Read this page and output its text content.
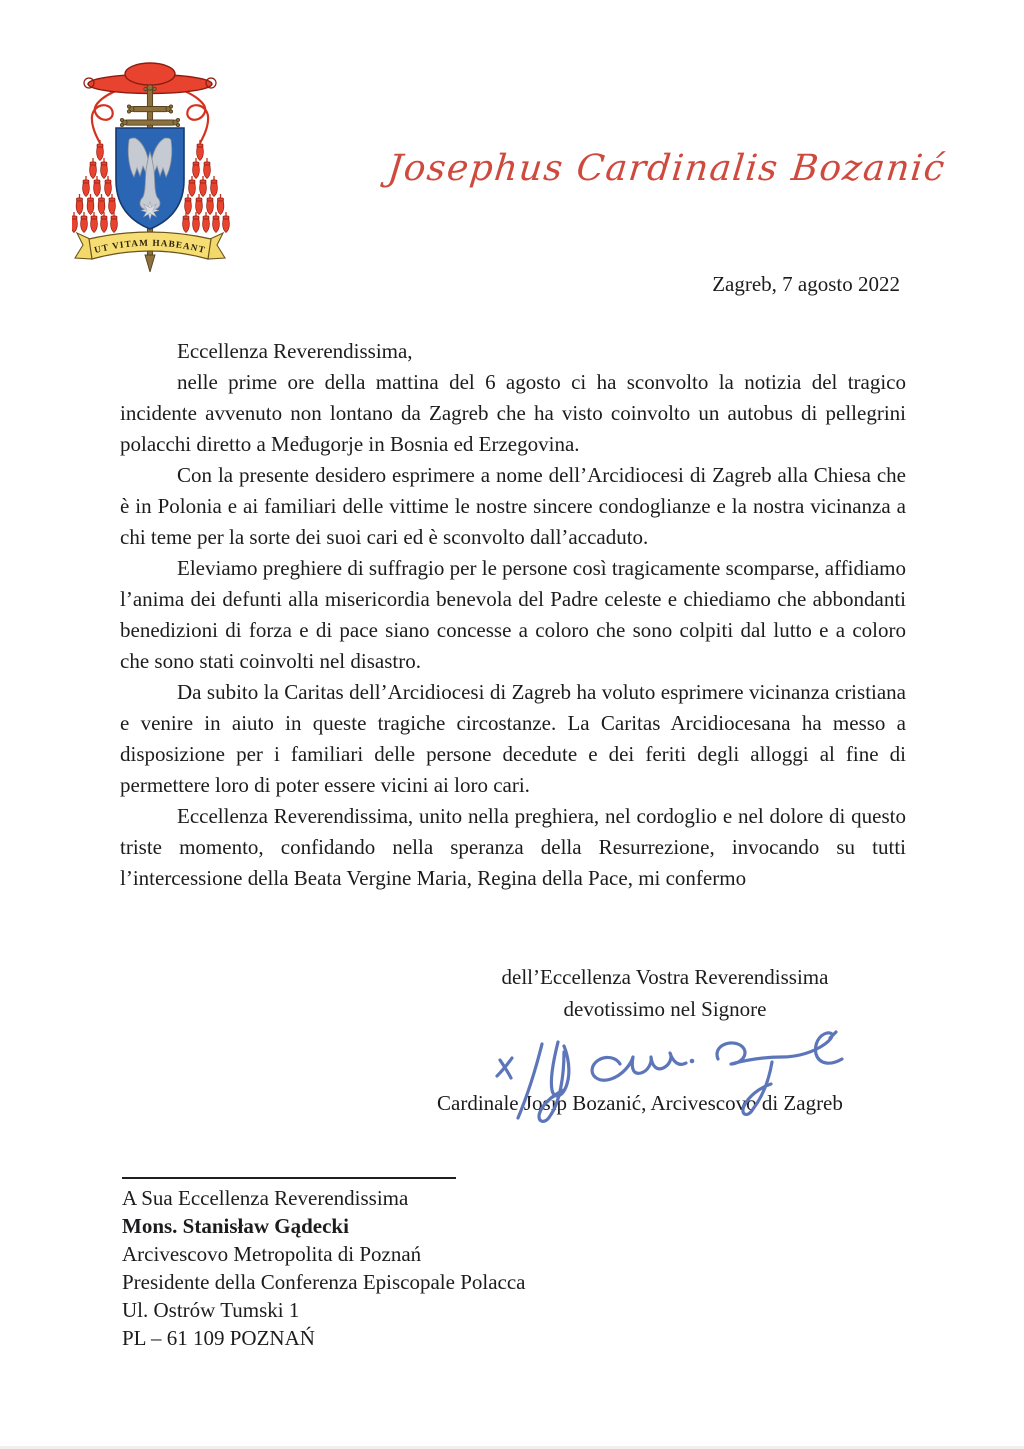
UT VITAM HABEANT
Josephus Cardinalis Bozanić
Zagreb, 7 agosto 2022

Eccellenza Reverendissima,

nelle prime ore della mattina del 6 agosto ci ha sconvolto la notizia del tragico incidente avvenuto non lontano da Zagreb che ha visto coinvolto un autobus di pellegrini polacchi diretto a Međugorje in Bosnia ed Erzegovina.

Con la presente desidero esprimere a nome dell’Arcidiocesi di Zagreb alla Chiesa che è in Polonia e ai familiari delle vittime le nostre sincere condoglianze e la nostra vicinanza a chi teme per la sorte dei suoi cari ed è sconvolto dall’accaduto.

Eleviamo preghiere di suffragio per le persone così tragicamente scomparse, affidiamo l’anima dei defunti alla misericordia benevola del Padre celeste e chiediamo che abbondanti benedizioni di forza e di pace siano concesse a coloro che sono colpiti dal lutto e a coloro che sono stati coinvolti nel disastro.

Da subito la Caritas dell’Arcidiocesi di Zagreb ha voluto esprimere vicinanza cristiana e venire in aiuto in queste tragiche circostanze. La Caritas Arcidiocesana ha messo a disposizione per i familiari delle persone decedute e dei feriti degli alloggi al fine di permettere loro di poter essere vicini ai loro cari.

Eccellenza Reverendissima, unito nella preghiera, nel cordoglio e nel dolore di questo triste momento, confidando nella speranza della Resurrezione, invocando su tutti l’intercessione della Beata Vergine Maria, Regina della Pace, mi confermo

dell’Eccellenza Vostra Reverendissima
devotissimo nel Signore
Cardinale Josip Bozanić, Arcivescovo di Zagreb
A Sua Eccellenza Reverendissima
Mons. Stanisław Gądecki
Arcivescovo Metropolita di Poznań
Presidente della Conferenza Episcopale Polacca
Ul. Ostrów Tumski 1
PL – 61 109 POZNAŃ
